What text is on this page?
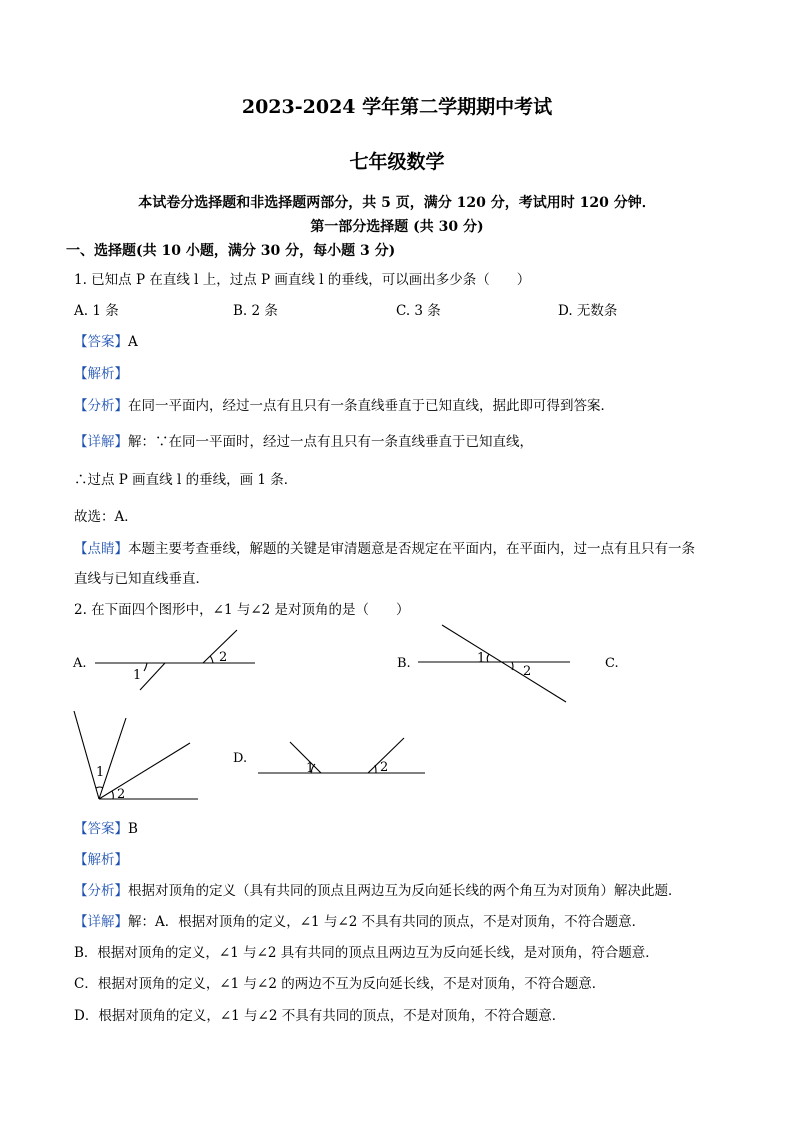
2023-2024 学年第二学期期中考试
七年级数学
本试卷分选择题和非选择题两部分，共 5 页，满分 120 分，考试用时 120 分钟．
第一部分选择题 (共 30 分)
一、选择题(共 10 小题，满分 30 分，每小题 3 分)
1. 已知点 P 在直线 l 上，过点 P 画直线 l 的垂线，可以画出多少条（　　）
A. 1 条	B. 2 条	C. 3 条	D. 无数条
【答案】A
【解析】
【分析】在同一平面内，经过一点有且只有一条直线垂直于已知直线，据此即可得到答案．
【详解】解：∵在同一平面时，经过一点有且只有一条直线垂直于已知直线，
∴过点 P 画直线 l 的垂线，画 1 条．
故选：A．
【点睛】本题主要考查垂线，解题的关键是审清题意是否规定在平面内，在平面内，过一点有且只有一条
直线与已知直线垂直．
2. 在下面四个图形中，∠1 与∠2 是对顶角的是（　　）
A.
1
2	B.	1
2
C.
1
2
D.
1	2
【答案】B
【解析】
【分析】根据对顶角的定义（具有共同的顶点且两边互为反向延长线的两个角互为对顶角）解决此题．
【详解】解：A．根据对顶角的定义，∠1 与∠2 不具有共同的顶点，不是对顶角，不符合题意．
B．根据对顶角的定义，∠1 与∠2 具有共同的顶点且两边互为反向延长线，是对顶角，符合题意．
C．根据对顶角的定义，∠1 与∠2 的两边不互为反向延长线，不是对顶角，不符合题意．
D．根据对顶角的定义，∠1 与∠2 不具有共同的顶点，不是对顶角，不符合题意．
